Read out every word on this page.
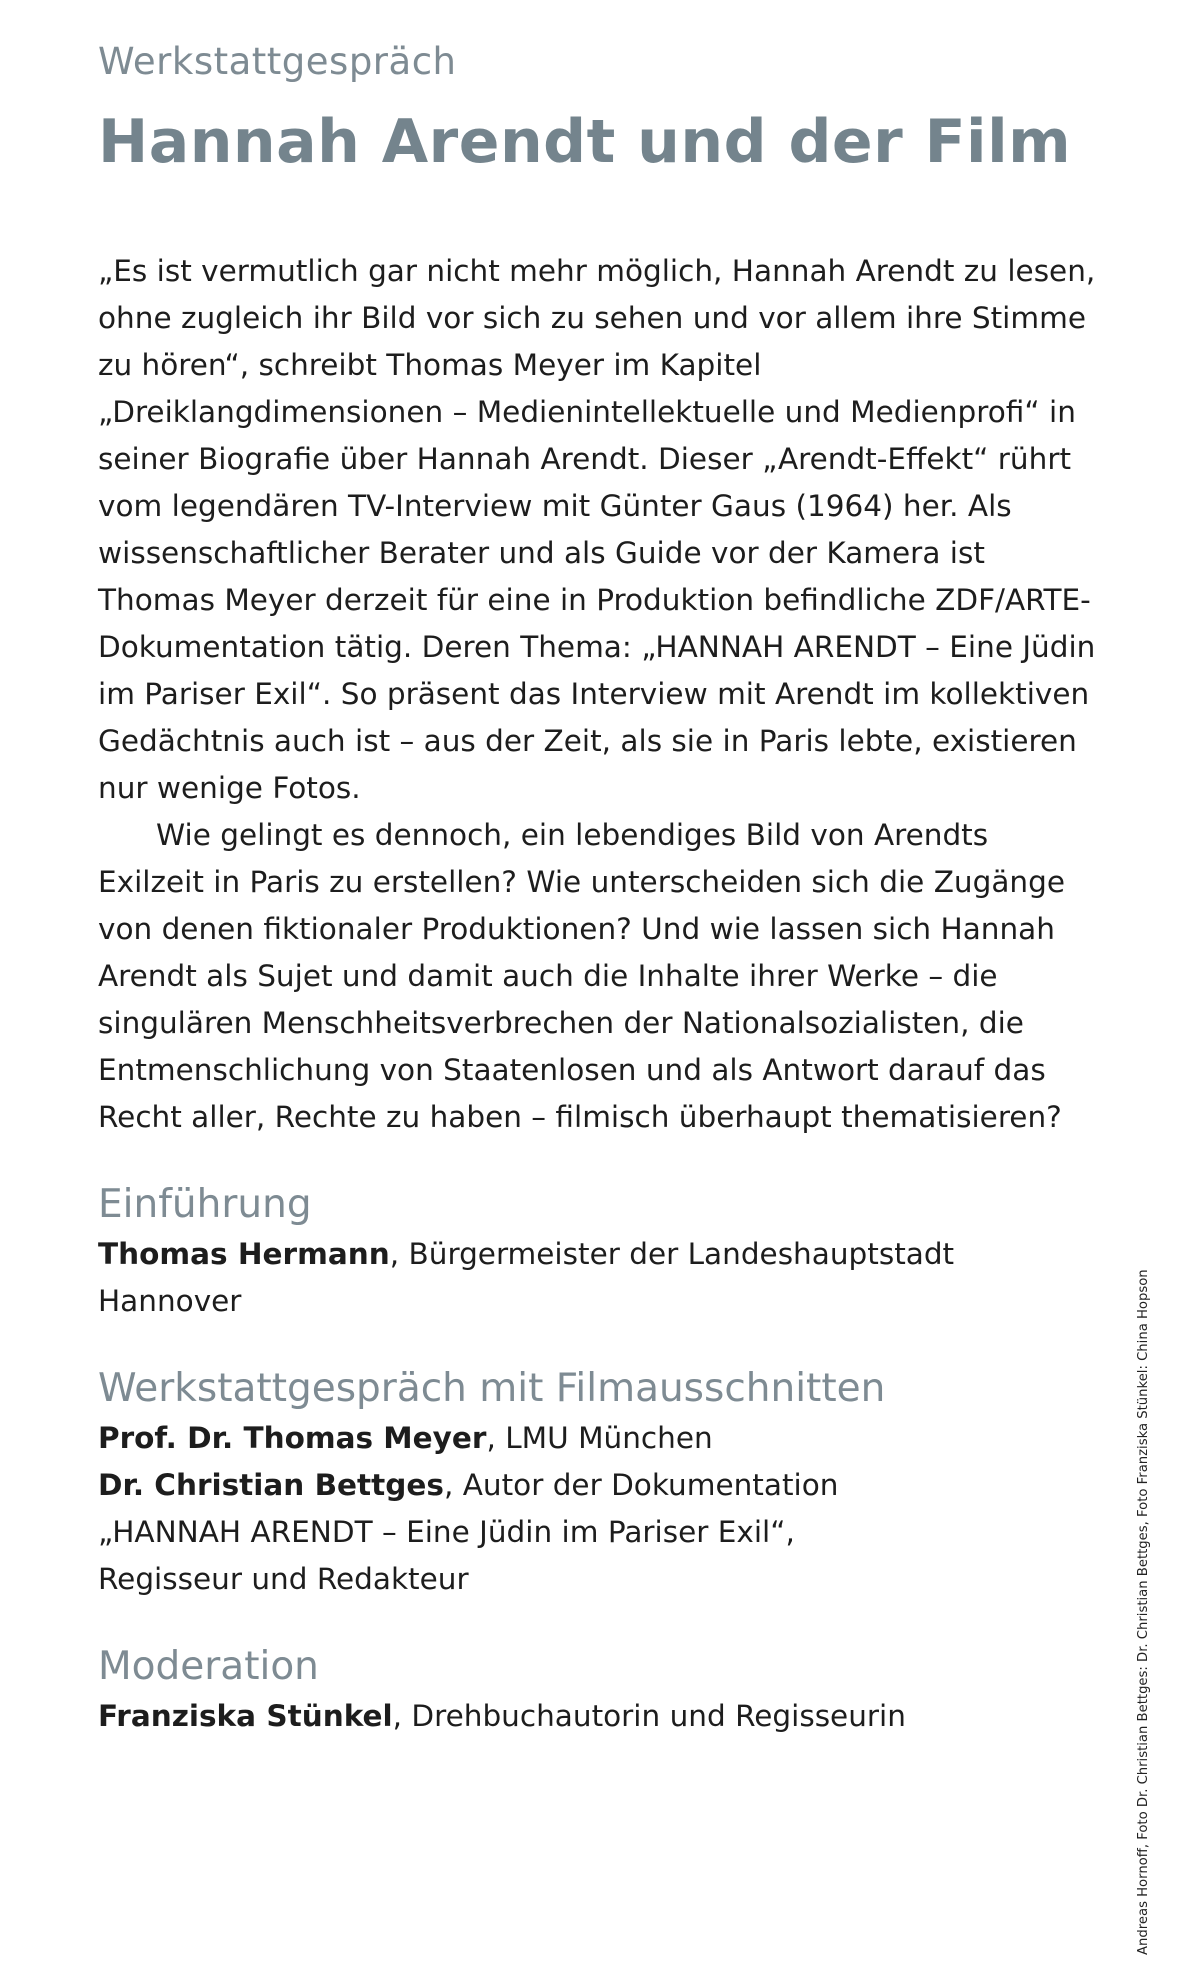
Werkstattgespräch
Hannah Arendt und der Film

„Es ist vermutlich gar nicht mehr möglich, Hannah Arendt zu lesen, ohne zugleich ihr Bild vor sich zu sehen und vor allem ihre Stimme zu hören“, schreibt Thomas Meyer im Kapitel „Dreiklangdimensionen – Medienintellektuelle und Medienprofi“ in seiner Biografie über Hannah Arendt. Dieser „Arendt-Effekt“ rührt vom legendären TV-Interview mit Günter Gaus (1964) her. Als wissenschaftlicher Berater und als Guide vor der Kamera ist Thomas Meyer derzeit für eine in Produktion befindliche ZDF/ARTE-Dokumentation tätig. Deren Thema: „HANNAH ARENDT – Eine Jüdin im Pariser Exil“. So präsent das Interview mit Arendt im kollektiven Gedächtnis auch ist – aus der Zeit, als sie in Paris lebte, existieren nur wenige Fotos.

Wie gelingt es dennoch, ein lebendiges Bild von Arendts Exilzeit in Paris zu erstellen? Wie unterscheiden sich die Zugänge von denen fiktionaler Produktionen? Und wie lassen sich Hannah Arendt als Sujet und damit auch die Inhalte ihrer Werke – die singulären Menschheitsverbrechen der Nationalsozialisten, die Entmenschlichung von Staatenlosen und als Antwort darauf das Recht aller, Rechte zu haben – filmisch überhaupt thematisieren?

Einführung

Thomas Hermann, Bürgermeister der Landeshauptstadt Hannover

Werkstattgespräch mit Filmausschnitten

Prof. Dr. Thomas Meyer, LMU München

Dr. Christian Bettges, Autor der Dokumentation

„HANNAH ARENDT – Eine Jüdin im Pariser Exil“,

Regisseur und Redakteur

Moderation

Franziska Stünkel, Drehbuchautorin und Regisseurin	Andreas Hornoff, Foto Dr. Christian Bettges: Dr. Christian Bettges, Foto Franziska Stünkel: China Hopson
